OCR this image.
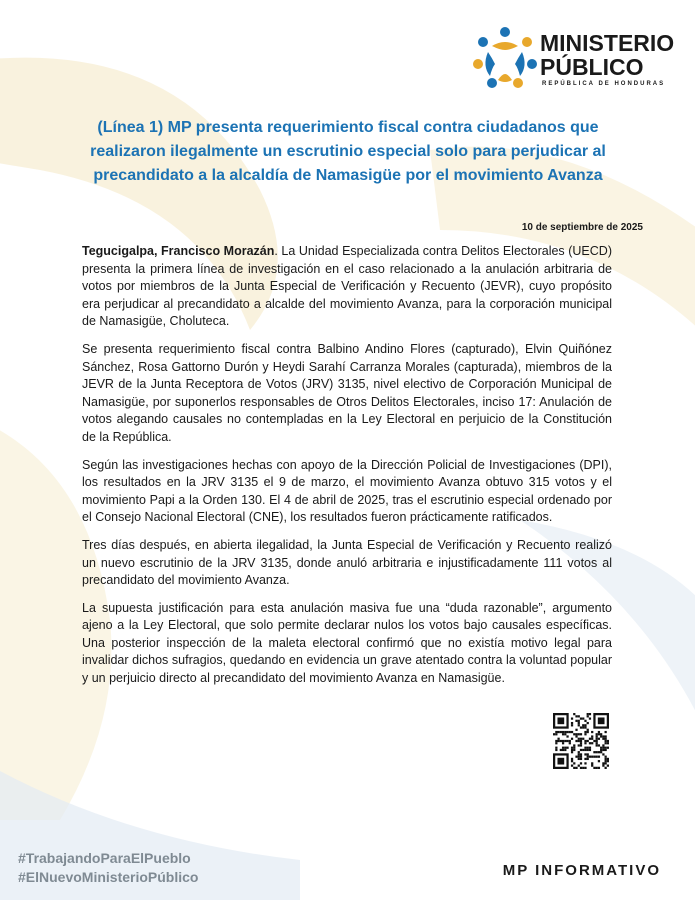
MINISTERIO
PÚBLICO
REPÚBLICA DE HONDURAS
(Línea 1) MP presenta requerimiento fiscal contra ciudadanos que realizaron ilegalmente un escrutinio especial solo para perjudicar al precandidato a la alcaldía de Namasigüe por el movimiento Avanza
10 de septiembre de 2025

Tegucigalpa, Francisco Morazán. La Unidad Especializada contra Delitos Electorales (UECD) presenta la primera línea de investigación en el caso relacionado a la anulación arbitraria de votos por miembros de la Junta Especial de Verificación y Recuento (JEVR), cuyo propósito era perjudicar al precandidato a alcalde del movimiento Avanza, para la corporación municipal de Namasigüe, Choluteca.

Se presenta requerimiento fiscal contra Balbino Andino Flores (capturado), Elvin Quiñónez Sánchez, Rosa Gattorno Durón y Heydi Sarahí Carranza Morales (capturada), miembros de la JEVR de la Junta Receptora de Votos (JRV) 3135, nivel electivo de Corporación Municipal de Namasigüe, por suponerlos responsables de Otros Delitos Electorales, inciso 17: Anulación de votos alegando causales no contempladas en la Ley Electoral en perjuicio de la Constitución de la República.

Según las investigaciones hechas con apoyo de la Dirección Policial de Investigaciones (DPI), los resultados en la JRV 3135 el 9 de marzo, el movimiento Avanza obtuvo 315 votos y el movimiento Papi a la Orden 130. El 4 de abril de 2025, tras el escrutinio especial ordenado por el Consejo Nacional Electoral (CNE), los resultados fueron prácticamente ratificados.

Tres días después, en abierta ilegalidad, la Junta Especial de Verificación y Recuento realizó un nuevo escrutinio de la JRV 3135, donde anuló arbitraria e injustificadamente 111 votos al precandidato del movimiento Avanza.

La supuesta justificación para esta anulación masiva fue una “duda razonable”, argumento ajeno a la Ley Electoral, que solo permite declarar nulos los votos bajo causales específicas. Una posterior inspección de la maleta electoral confirmó que no existía motivo legal para invalidar dichos sufragios, quedando en evidencia un grave atentado contra la voluntad popular y un perjuicio directo al precandidato del movimiento Avanza en Namasigüe.

#TrabajandoParaElPueblo
#ElNuevoMinisterioPúblico	MP INFORMATIVO
